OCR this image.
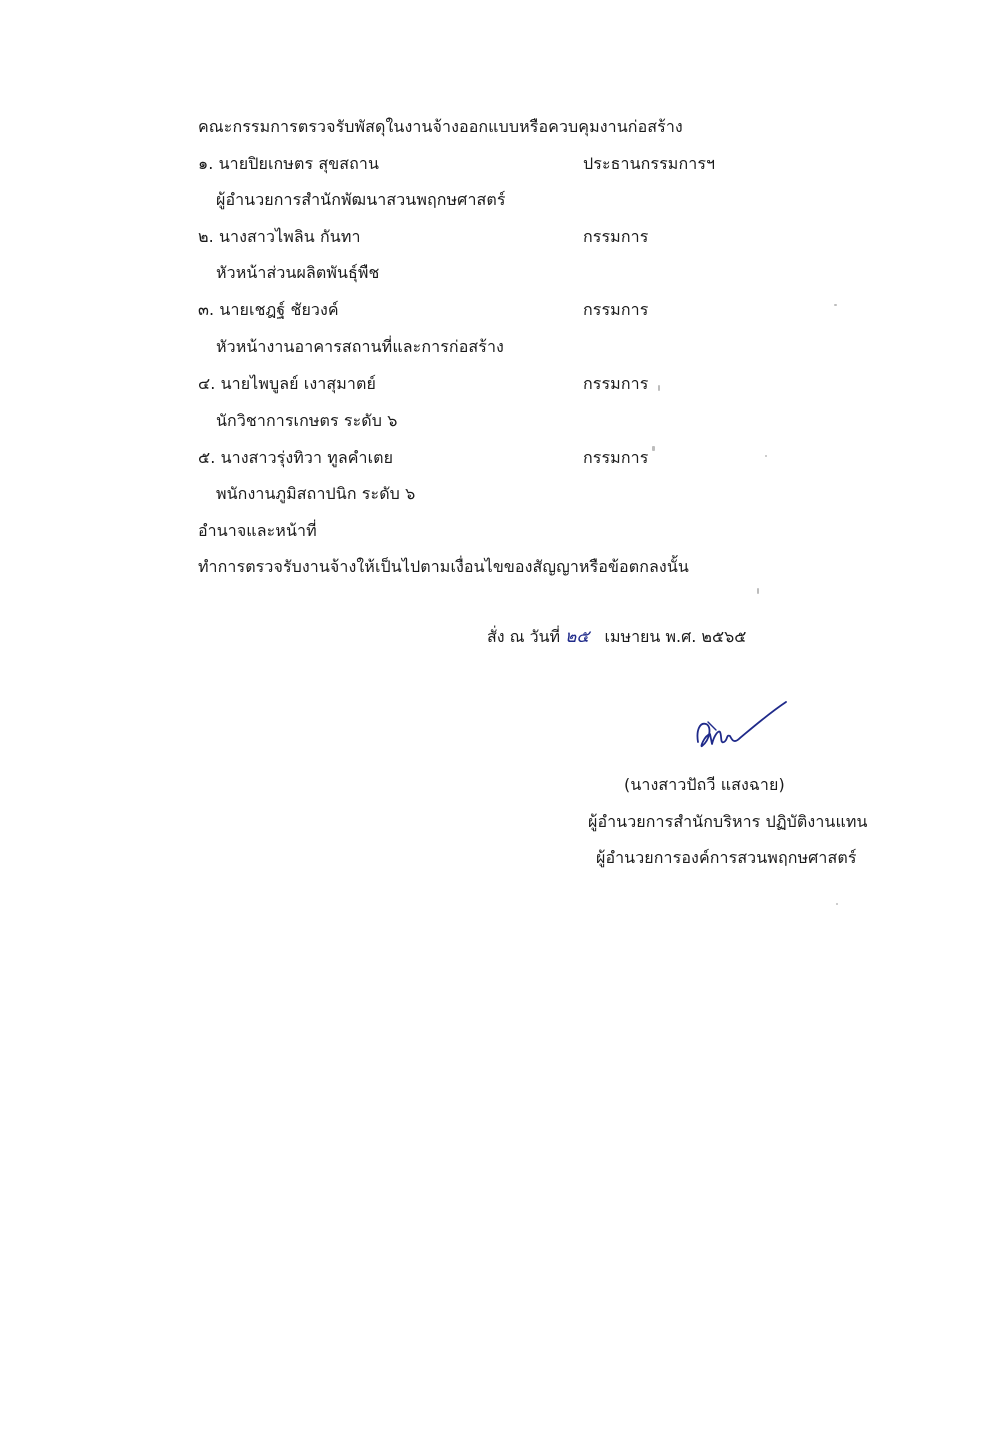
คณะกรรมการตรวจรับพัสดุในงานจ้างออกแบบหรือควบคุมงานก่อสร้าง
๑. นายปิยเกษตร สุขสถาน	ประธานกรรมการฯ
ผู้อำนวยการสำนักพัฒนาสวนพฤกษศาสตร์
๒. นางสาวไพลิน กันทา	กรรมการ
หัวหน้าส่วนผลิตพันธุ์พืช
๓. นายเชฎฐ์ ชัยวงค์	กรรมการ
หัวหน้างานอาคารสถานที่และการก่อสร้าง
๔. นายไพบูลย์ เงาสุมาตย์	กรรมการ
นักวิชาการเกษตร ระดับ ๖
๕. นางสาวรุ่งทิวา ทูลคำเตย	กรรมการ
พนักงานภูมิสถาปนิก ระดับ ๖
อำนาจและหน้าที่
ทำการตรวจรับงานจ้างให้เป็นไปตามเงื่อนไขของสัญญาหรือข้อตกลงนั้น
สั่ง ณ วันที่ ๒๕ เมษายน พ.ศ. ๒๕๖๕
(นางสาวปัถวี แสงฉาย)
ผู้อำนวยการสำนักบริหาร ปฏิบัติงานแทน
ผู้อำนวยการองค์การสวนพฤกษศาสตร์
